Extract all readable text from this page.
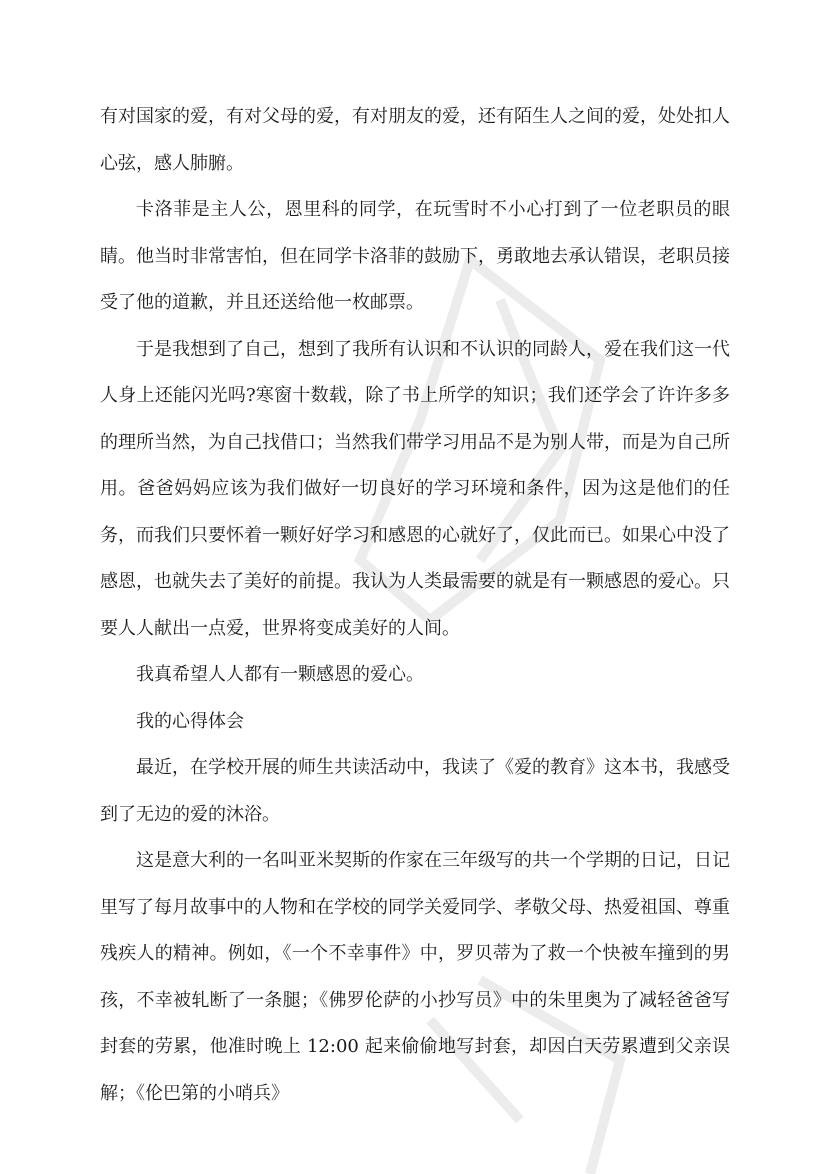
有对国家的爱，有对父母的爱，有对朋友的爱，还有陌生人之间的爱，处处扣人心弦，感人肺腑。

卡洛菲是主人公，恩里科的同学，在玩雪时不小心打到了一位老职员的眼睛。他当时非常害怕，但在同学卡洛菲的鼓励下，勇敢地去承认错误，老职员接受了他的道歉，并且还送给他一枚邮票。

于是我想到了自己，想到了我所有认识和不认识的同龄人，爱在我们这一代人身上还能闪光吗?寒窗十数载，除了书上所学的知识；我们还学会了许许多多的理所当然，为自己找借口；当然我们带学习用品不是为别人带，而是为自己所用。爸爸妈妈应该为我们做好一切良好的学习环境和条件，因为这是他们的任务，而我们只要怀着一颗好好学习和感恩的心就好了，仅此而已。如果心中没了感恩，也就失去了美好的前提。我认为人类最需要的就是有一颗感恩的爱心。只要人人献出一点爱，世界将变成美好的人间。

我真希望人人都有一颗感恩的爱心。

我的心得体会

最近，在学校开展的师生共读活动中，我读了《爱的教育》这本书，我感受到了无边的爱的沐浴。

这是意大利的一名叫亚米契斯的作家在三年级写的共一个学期的日记，日记里写了每月故事中的人物和在学校的同学关爱同学、孝敬父母、热爱祖国、尊重残疾人的精神。例如，《一个不幸事件》中，罗贝蒂为了救一个快被车撞到的男孩，不幸被轧断了一条腿；《佛罗伦萨的小抄写员》中的朱里奥为了减轻爸爸写封套的劳累，他准时晚上 12:00 起来偷偷地写封套，却因白天劳累遭到父亲误解；《伦巴第的小哨兵》
